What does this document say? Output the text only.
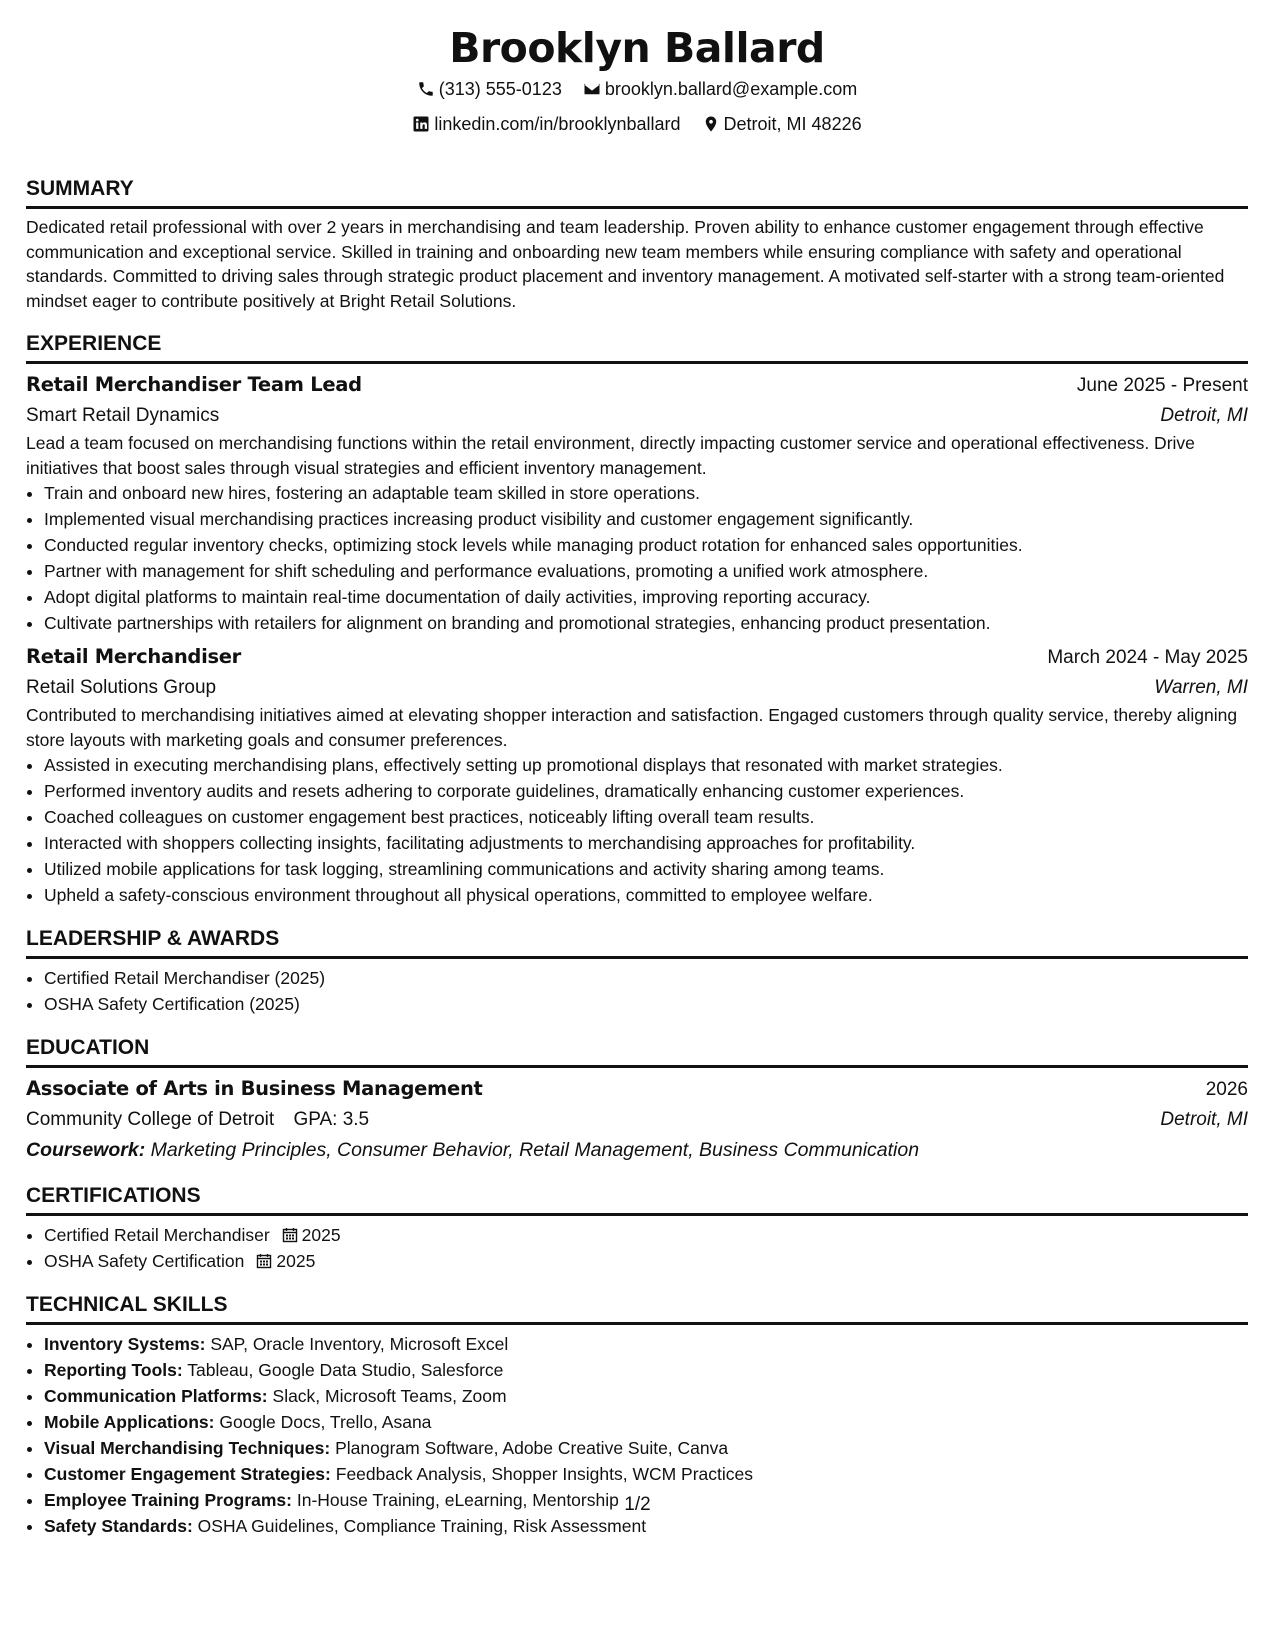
Brooklyn Ballard
(313) 555-0123
brooklyn.ballard@example.com
linkedin.com/in/brooklynballard
Detroit, MI 48226
SUMMARY

Dedicated retail professional with over 2 years in merchandising and team leadership. Proven ability to enhance customer engagement through effective communication and exceptional service. Skilled in training and onboarding new team members while ensuring compliance with safety and operational standards. Committed to driving sales through strategic product placement and inventory management. A motivated self-starter with a strong team-oriented mindset eager to contribute positively at Bright Retail Solutions.

EXPERIENCE
Retail Merchandiser Team Lead	June 2025 - Present
Smart Retail Dynamics	Detroit, MI

Lead a team focused on merchandising functions within the retail environment, directly impacting customer service and operational effectiveness. Drive initiatives that boost sales through visual strategies and efficient inventory management.

• Train and onboard new hires, fostering an adaptable team skilled in store operations.
• Implemented visual merchandising practices increasing product visibility and customer engagement significantly.
• Conducted regular inventory checks, optimizing stock levels while managing product rotation for enhanced sales opportunities.
• Partner with management for shift scheduling and performance evaluations, promoting a unified work atmosphere.
• Adopt digital platforms to maintain real-time documentation of daily activities, improving reporting accuracy.
• Cultivate partnerships with retailers for alignment on branding and promotional strategies, enhancing product presentation.
Retail Merchandiser	March 2024 - May 2025
Retail Solutions Group	Warren, MI

Contributed to merchandising initiatives aimed at elevating shopper interaction and satisfaction. Engaged customers through quality service, thereby aligning store layouts with marketing goals and consumer preferences.

• Assisted in executing merchandising plans, effectively setting up promotional displays that resonated with market strategies.
• Performed inventory audits and resets adhering to corporate guidelines, dramatically enhancing customer experiences.
• Coached colleagues on customer engagement best practices, noticeably lifting overall team results.
• Interacted with shoppers collecting insights, facilitating adjustments to merchandising approaches for profitability.
• Utilized mobile applications for task logging, streamlining communications and activity sharing among teams.
• Upheld a safety-conscious environment throughout all physical operations, committed to employee welfare.
LEADERSHIP & AWARDS
• Certified Retail Merchandiser (2025)
• OSHA Safety Certification (2025)
EDUCATION
Associate of Arts in Business Management	2026
Community College of Detroit GPA: 3.5	Detroit, MI
Coursework: Marketing Principles, Consumer Behavior, Retail Management, Business Communication
CERTIFICATIONS
• Certified Retail Merchandiser 2025
• OSHA Safety Certification 2025
TECHNICAL SKILLS
• Inventory Systems: SAP, Oracle Inventory, Microsoft Excel
• Reporting Tools: Tableau, Google Data Studio, Salesforce
• Communication Platforms: Slack, Microsoft Teams, Zoom
• Mobile Applications: Google Docs, Trello, Asana
• Visual Merchandising Techniques: Planogram Software, Adobe Creative Suite, Canva
• Customer Engagement Strategies: Feedback Analysis, Shopper Insights, WCM Practices
• Employee Training Programs: In-House Training, eLearning, Mentorship
• Safety Standards: OSHA Guidelines, Compliance Training, Risk Assessment
1/2
